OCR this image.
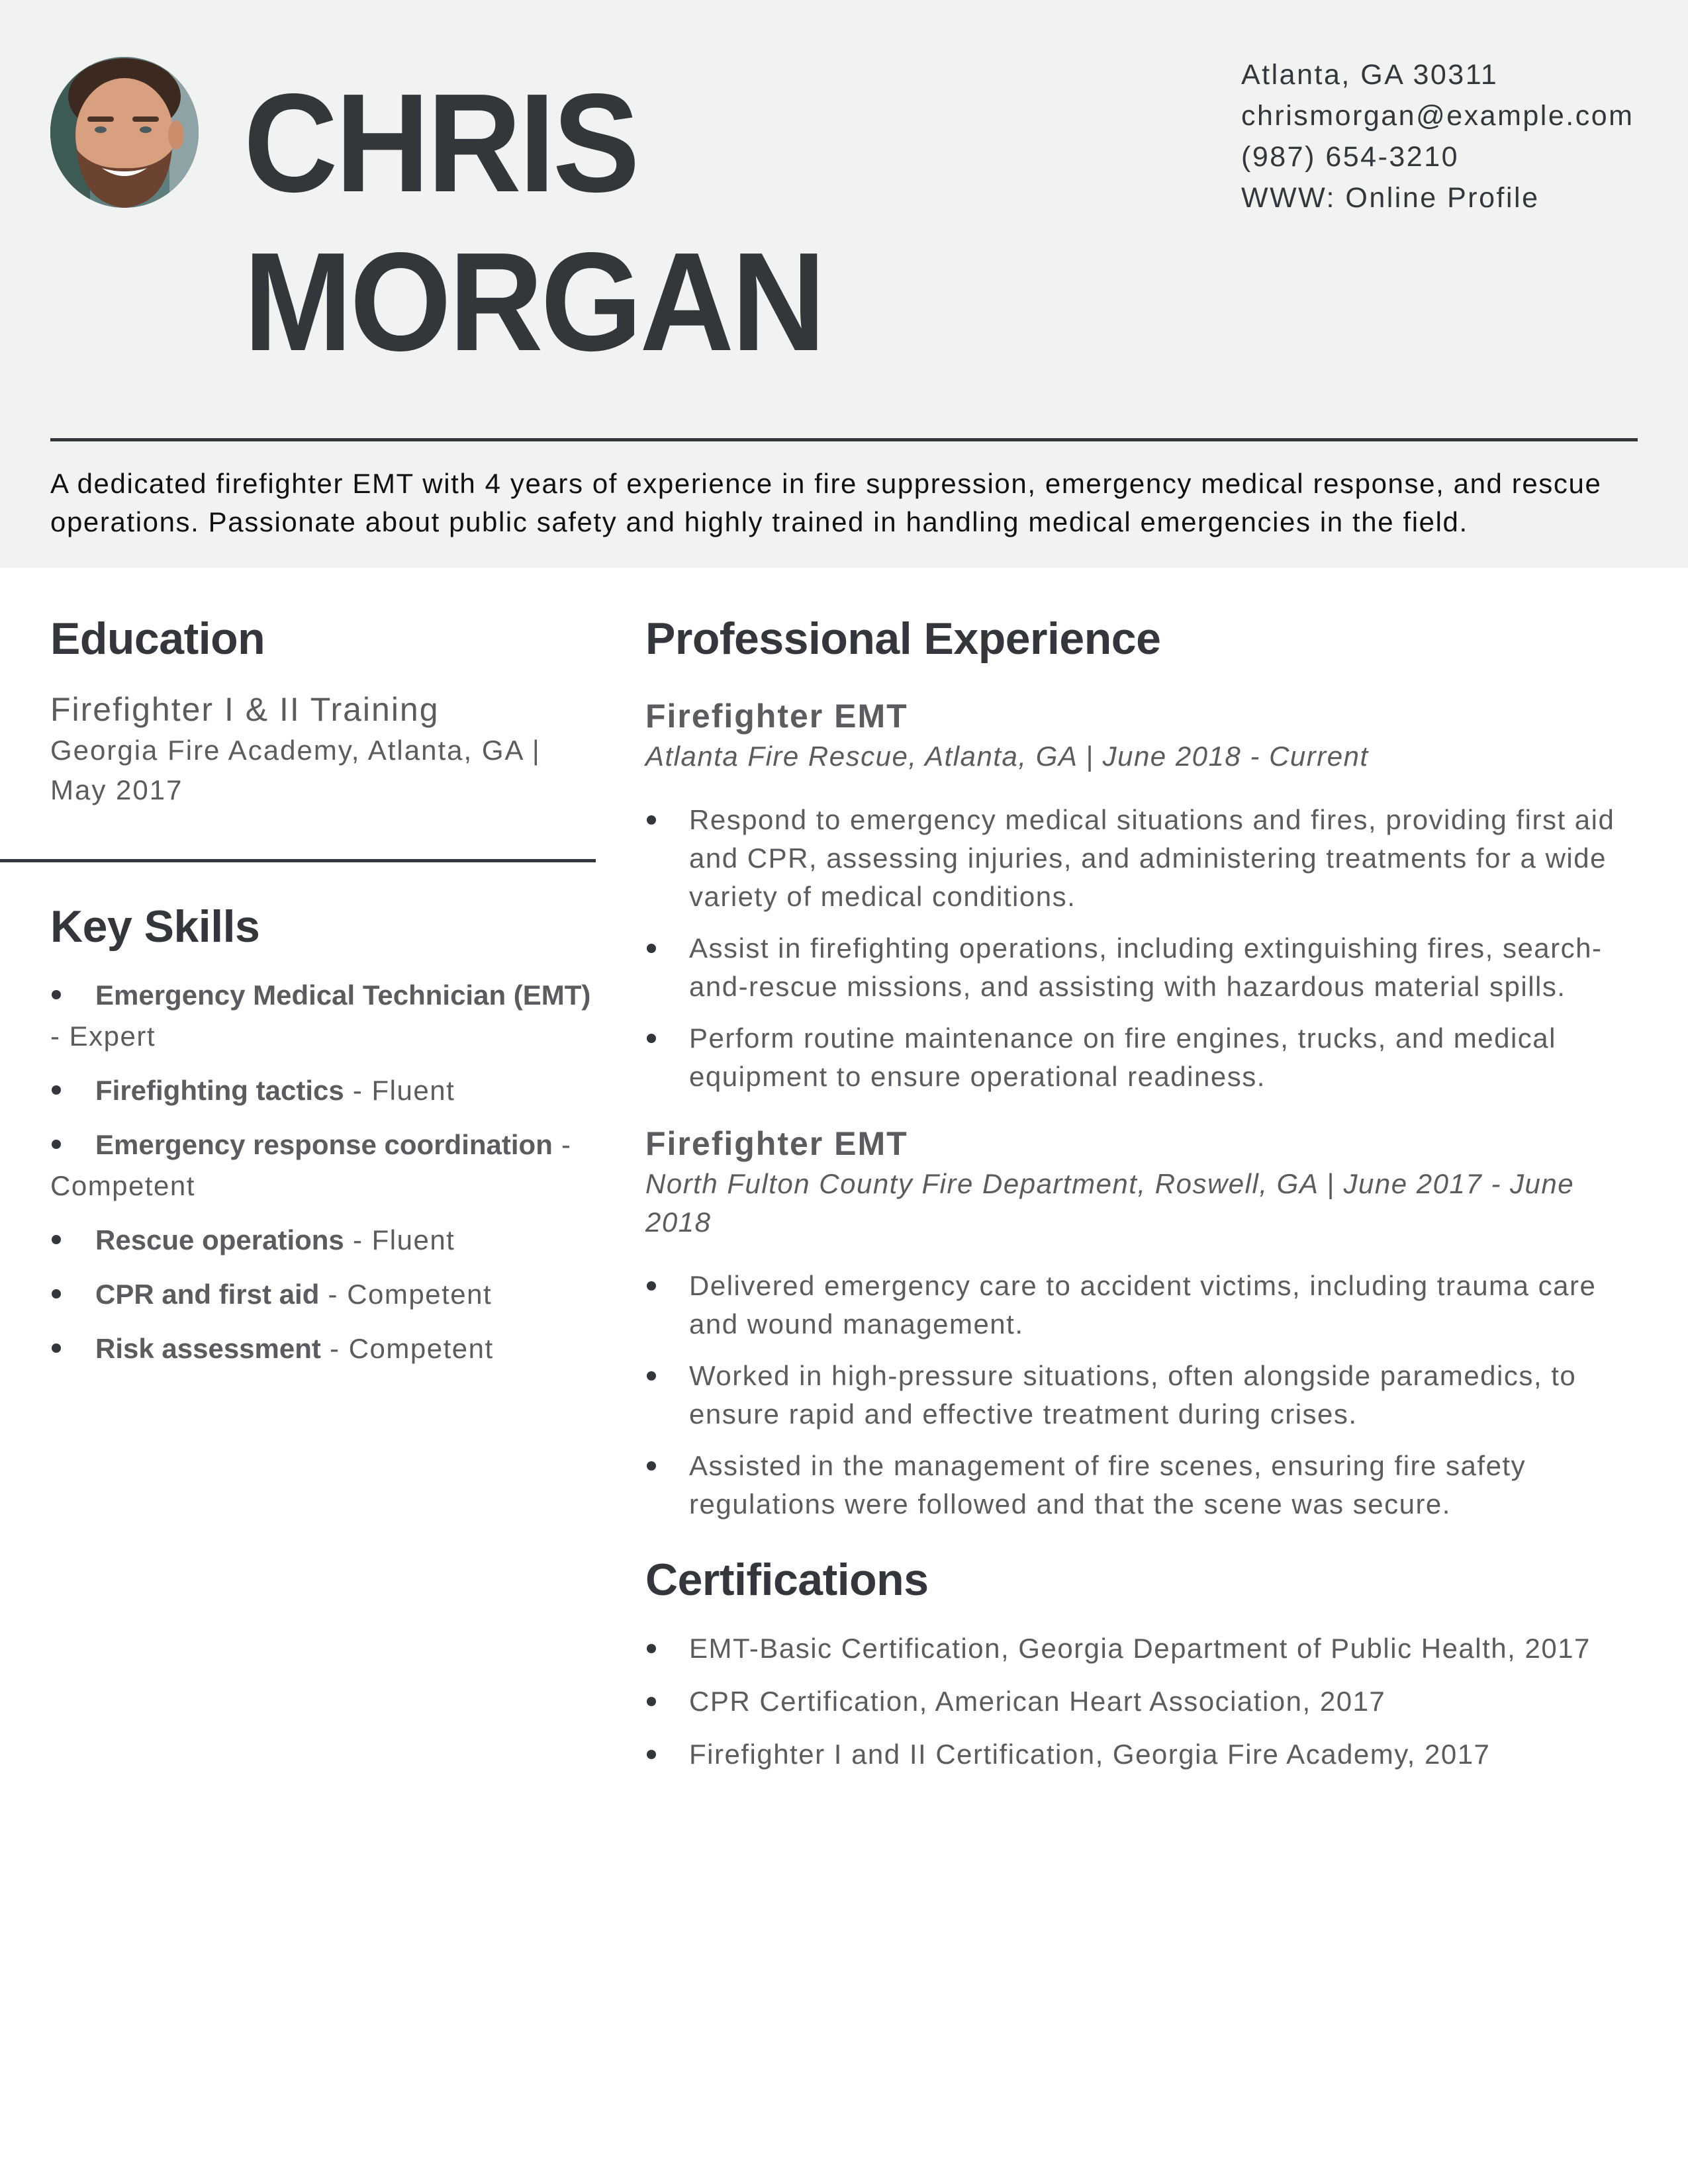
CHRIS
MORGAN
Atlanta, GA 30311
chrismorgan@example.com
(987) 654-3210
WWW: Online Profile

A dedicated firefighter EMT with 4 years of experience in fire suppression, emergency medical response, and rescue operations. Passionate about public safety and highly trained in handling medical emergencies in the field.

Education
Firefighter I & II Training
Georgia Fire Academy, Atlanta, GA | May 2017
Key Skills
Emergency Medical Technician (EMT) - Expert
Firefighting tactics - Fluent
Emergency response coordination - Competent
Rescue operations - Fluent
CPR and first aid - Competent
Risk assessment - Competent
Professional Experience
Firefighter EMT
Atlanta Fire Rescue, Atlanta, GA | June 2018 - Current
Respond to emergency medical situations and fires, providing first aid and CPR, assessing injuries, and administering treatments for a wide variety of medical conditions.
Assist in firefighting operations, including extinguishing fires, search-and-rescue missions, and assisting with hazardous material spills.
Perform routine maintenance on fire engines, trucks, and medical equipment to ensure operational readiness.
Firefighter EMT
North Fulton County Fire Department, Roswell, GA | June 2017 - June 2018
Delivered emergency care to accident victims, including trauma care and wound management.
Worked in high-pressure situations, often alongside paramedics, to ensure rapid and effective treatment during crises.
Assisted in the management of fire scenes, ensuring fire safety regulations were followed and that the scene was secure.
Certifications
EMT-Basic Certification, Georgia Department of Public Health, 2017
CPR Certification, American Heart Association, 2017
Firefighter I and II Certification, Georgia Fire Academy, 2017
